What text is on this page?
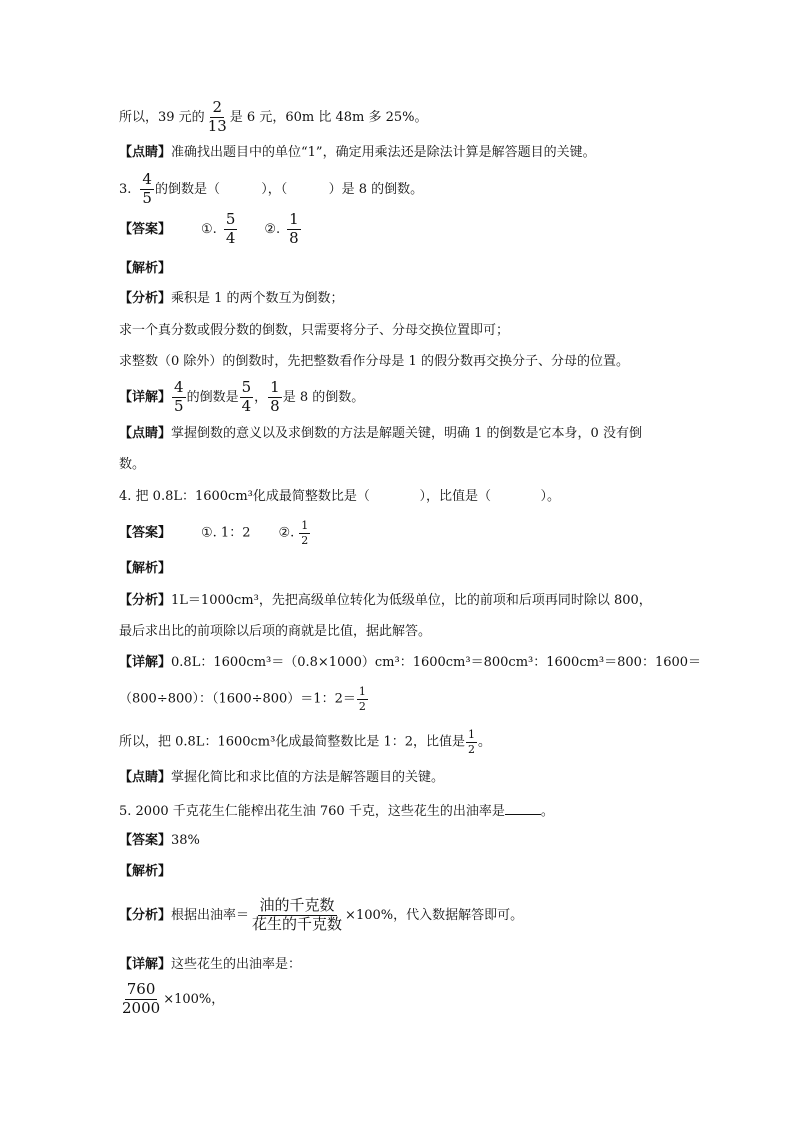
所以，39 元的 $\frac{2}{13}$ 是 6 元，60m 比 48m 多 25%。
【点睛】准确找出题目中的单位“1”，确定用乘法还是除法计算是解答题目的关键。
3. $\frac{4}{5}$ 的倒数是（          ），（          ）是 8 的倒数。
【答案】 ①. $\frac{5}{4}$ ②. $\frac{1}{8}$
【解析】
【分析】乘积是 1 的两个数互为倒数；
求一个真分数或假分数的倒数，只需要将分子、分母交换位置即可；
求整数（0 除外）的倒数时，先把整数看作分母是 1 的假分数再交换分子、分母的位置。
【详解】 $\frac{4}{5}$ 的倒数是 $\frac{5}{4}$ ， $\frac{1}{8}$ 是 8 的倒数。
【点睛】掌握倒数的意义以及求倒数的方法是解题关键，明确 1 的倒数是它本身，0 没有倒
数。
4. 把 0.8L：1600cm³化成最简整数比是（            ），比值是（            ）。
【答案】 ①. 1：2 ②. $\frac{1}{2}$
【解析】
【分析】1L＝1000cm³，先把高级单位转化为低级单位，比的前项和后项再同时除以 800，
最后求出比的前项除以后项的商就是比值，据此解答。
【详解】0.8L：1600cm³＝（0.8×1000）cm³：1600cm³＝800cm³：1600cm³＝800：1600＝
（800÷800）：（1600÷800）＝1：$2= \frac{1}{2}$
所以，把 0.8L：1600cm³化成最简整数比是 1：2，比值是 $\frac{1}{2}$ 。
【点睛】掌握化简比和求比值的方法是解答题目的关键。
5. 2000 千克花生仁能榨出花生油 760 千克，这些花生的出油率是	。
【答案】38%
【解析】
【分析】根据出油率＝ $\frac{\text{油的千克数}}{\text{花生的千克数}} \times 100\%$，代入数据解答即可。
【详解】这些花生的出油率是：
$\frac{760}{2000} \times 100\%$，
